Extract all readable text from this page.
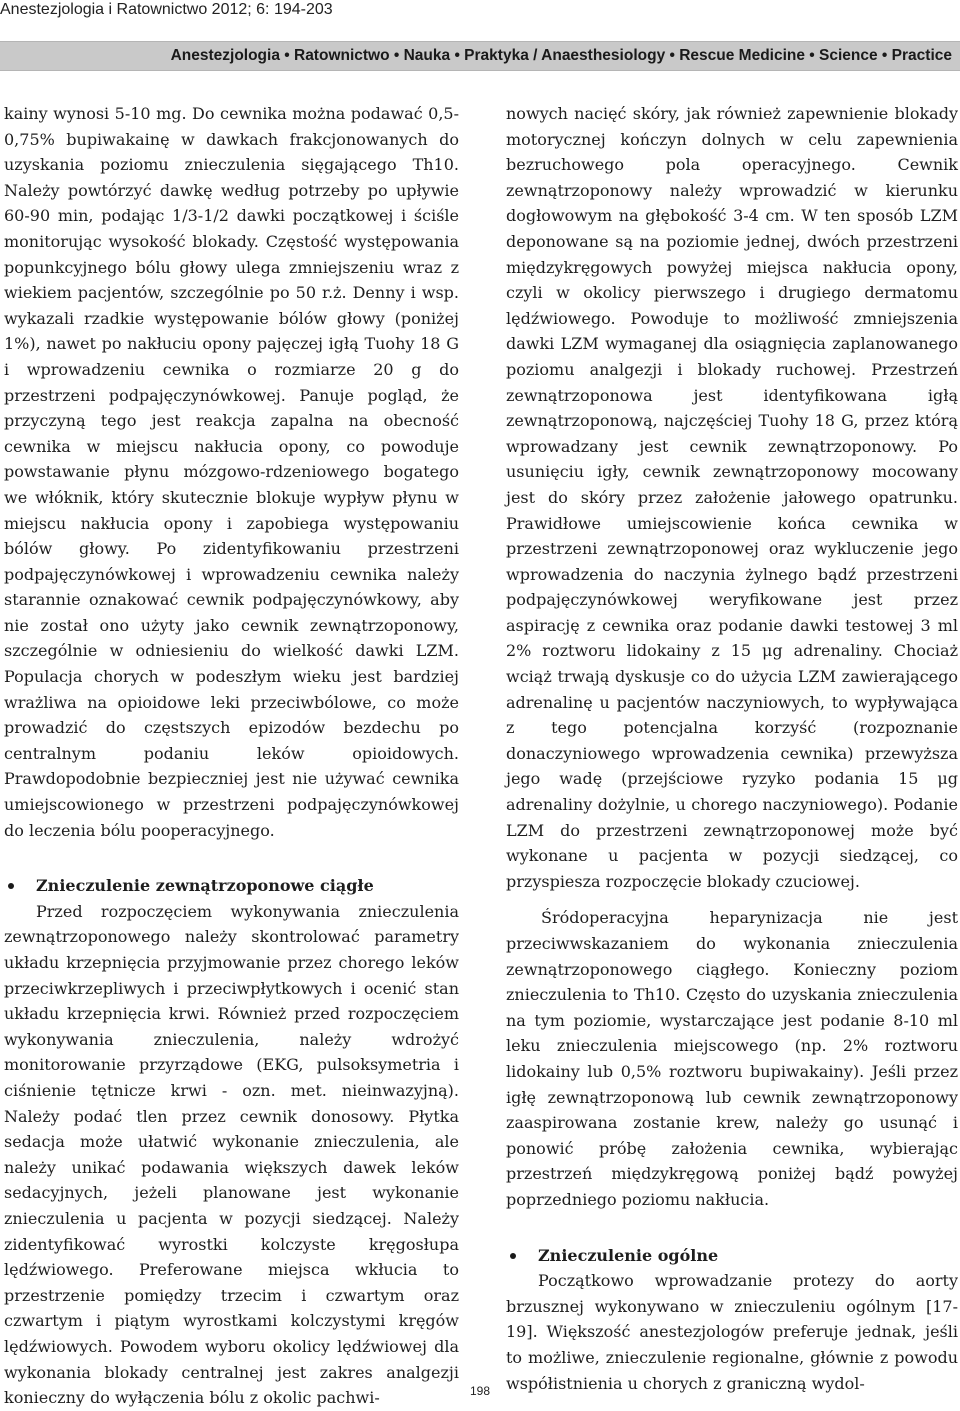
Anestezjologia i Ratownictwo 2012; 6: 194-203
Anestezjologia • Ratownictwo • Nauka • Praktyka / Anaesthesiology • Rescue Medicine • Science • Practice

kainy wynosi 5-10 mg. Do cewnika można podawać 0,5-0,75% bupiwakainę w dawkach frakcjonowanych do uzyskania poziomu znieczulenia sięgającego Th10. Należy powtórzyć dawkę według potrzeby po upływie 60-90 min, podając 1/3-1/2 dawki początkowej i ściśle monitorując wysokość blokady. Częstość występowania popunkcyjnego bólu głowy ulega zmniejszeniu wraz z wiekiem pacjentów, szczególnie po 50 r.ż. Denny i wsp. wykazali rzadkie występowanie bólów głowy (poniżej 1%), nawet po nakłuciu opony pajęczej igłą Tuohy 18 G i wprowadzeniu cewnika o rozmiarze 20 g do przestrzeni podpajęczynówkowej. Panuje pogląd, że przyczyną tego jest reakcja zapalna na obecność cewnika w miejscu nakłucia opony, co powoduje powstawanie płynu mózgowo-rdzeniowego bogatego we włóknik, który skutecznie blokuje wypływ płynu w miejscu nakłucia opony i zapobiega występowaniu bólów głowy. Po zidentyfikowaniu przestrzeni podpajęczynówkowej i wprowadzeniu cewnika należy starannie oznakować cewnik podpajęczynówkowy, aby nie został ono użyty jako cewnik zewnątrzoponowy, szczególnie w odniesieniu do wielkość dawki LZM. Populacja chorych w podeszłym wieku jest bardziej wrażliwa na opioidowe leki przeciwbólowe, co może prowadzić do częstszych epizodów bezdechu po centralnym podaniu leków opioidowych. Prawdopodobnie bezpieczniej jest nie używać cewnika umiejscowionego w przestrzeni podpajęczynówkowej do leczenia bólu pooperacyjnego.

Znieczulenie zewnątrzoponowe ciągłe

Przed rozpoczęciem wykonywania znieczulenia zewnątrzoponowego należy skontrolować parametry układu krzepnięcia przyjmowanie przez chorego leków przeciwkrzepliwych i przeciwpłytkowych i ocenić stan układu krzepnięcia krwi. Również przed rozpoczęciem wykonywania znieczulenia, należy wdrożyć monitorowanie przyrządowe (EKG, pulsoksymetria i ciśnienie tętnicze krwi - ozn. met. nieinwazyjną). Należy podać tlen przez cewnik donosowy. Płytka sedacja może ułatwić wykonanie znieczulenia, ale należy unikać podawania większych dawek leków sedacyjnych, jeżeli planowane jest wykonanie znieczulenia u pacjenta w pozycji siedzącej. Należy zidentyfikować wyrostki kolczyste kręgosłupa lędźwiowego. Preferowane miejsca wkłucia to przestrzenie pomiędzy trzecim i czwartym oraz czwartym i piątym wyrostkami kolczystymi kręgów lędźwiowych. Powodem wyboru okolicy lędźwiowej dla wykonania blokady centralnej jest zakres analgezji konieczny do wyłączenia bólu z okolic pachwi-

nowych nacięć skóry, jak również zapewnienie blokady motorycznej kończyn dolnych w celu zapewnienia bezruchowego pola operacyjnego. Cewnik zewnątrzoponowy należy wprowadzić w kierunku dogłowowym na głębokość 3-4 cm. W ten sposób LZM deponowane są na poziomie jednej, dwóch przestrzeni międzykręgowych powyżej miejsca nakłucia opony, czyli w okolicy pierwszego i drugiego dermatomu lędźwiowego. Powoduje to możliwość zmniejszenia dawki LZM wymaganej dla osiągnięcia zaplanowanego poziomu analgezji i blokady ruchowej. Przestrzeń zewnątrzoponowa jest identyfikowana igłą zewnątrzoponową, najczęściej Tuohy 18 G, przez którą wprowadzany jest cewnik zewnątrzoponowy. Po usunięciu igły, cewnik zewnątrzoponowy mocowany jest do skóry przez założenie jałowego opatrunku. Prawidłowe umiejscowienie końca cewnika w przestrzeni zewnątrzoponowej oraz wykluczenie jego wprowadzenia do naczynia żylnego bądź przestrzeni podpajęczynówkowej weryfikowane jest przez aspirację z cewnika oraz podanie dawki testowej 3 ml 2% roztworu lidokainy z 15 μg adrenaliny. Chociaż wciąż trwają dyskusje co do użycia LZM zawierającego adrenalinę u pacjentów naczyniowych, to wypływająca z tego potencjalna korzyść (rozpoznanie donaczyniowego wprowadzenia cewnika) przewyższa jego wadę (przejściowe ryzyko podania 15 μg adrenaliny dożylnie, u chorego naczyniowego). Podanie LZM do przestrzeni zewnątrzoponowej może być wykonane u pacjenta w pozycji siedzącej, co przyspiesza rozpoczęcie blokady czuciowej.

Śródoperacyjna heparynizacja nie jest przeciwwskazaniem do wykonania znieczulenia zewnątrzoponowego ciągłego. Konieczny poziom znieczulenia to Th10. Często do uzyskania znieczulenia na tym poziomie, wystarczające jest podanie 8-10 ml leku znieczulenia miejscowego (np. 2% roztworu lidokainy lub 0,5% roztworu bupiwakainy). Jeśli przez igłę zewnątrzoponową lub cewnik zewnątrzoponowy zaaspirowana zostanie krew, należy go usunąć i ponowić próbę założenia cewnika, wybierając przestrzeń międzykręgową poniżej bądź powyżej poprzedniego poziomu nakłucia.

Znieczulenie ogólne

Początkowo wprowadzanie protezy do aorty brzusznej wykonywano w znieczuleniu ogólnym [17-19]. Większość anestezjologów preferuje jednak, jeśli to możliwe, znieczulenie regionalne, głównie z powodu współistnienia u chorych z graniczną wydol-

198
